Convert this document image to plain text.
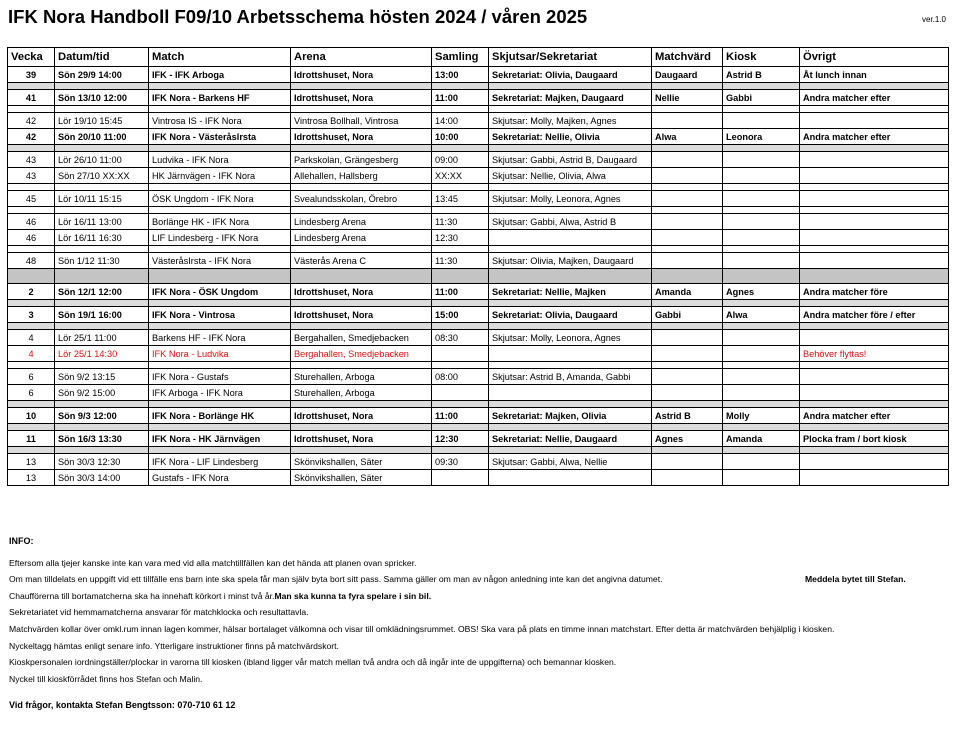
IFK Nora Handboll F09/10 Arbetsschema hösten 2024 / våren 2025	ver.1.0
Vecka	Datum/tid	Match	Arena	Samling	Skjutsar/Sekretariat	Matchvärd	Kiosk	Övrigt
39	Sön 29/9 14:00	IFK - IFK Arboga	Idrottshuset, Nora	13:00	Sekretariat: Olivia, Daugaard	Daugaard	Astrid B	Åt lunch innan

41	Sön 13/10 12:00	IFK Nora - Barkens HF	Idrottshuset, Nora	11:00	Sekretariat: Majken, Daugaard	Nellie	Gabbi	Andra matcher efter

42	Lör 19/10 15:45	Vintrosa IS - IFK Nora	Vintrosa Bollhall, Vintrosa	14:00	Skjutsar: Molly, Majken, Agnes			
42	Sön 20/10 11:00	IFK Nora - Västeråslrsta	Idrottshuset, Nora	10:00	Sekretariat: Nellie, Olivia	Alwa	Leonora	Andra matcher efter

43	Lör 26/10 11:00	Ludvika - IFK Nora	Parkskolan, Grängesberg	09:00	Skjutsar: Gabbi, Astrid B, Daugaard			
43	Sön 27/10 XX:XX	HK Järnvägen - IFK Nora	Allehallen, Hallsberg	XX:XX	Skjutsar: Nellie, Olivia, Alwa			

45	Lör 10/11 15:15	ÖSK Ungdom - IFK Nora	Svealundsskolan, Örebro	13:45	Skjutsar: Molly, Leonora, Agnes			

46	Lör 16/11 13:00	Borlänge HK - IFK Nora	Lindesberg Arena	11:30	Skjutsar: Gabbi, Alwa, Astrid B			
46	Lör 16/11 16:30	LIF Lindesberg - IFK Nora	Lindesberg Arena	12:30				

48	Sön 1/12 11:30	VästeråsIrsta - IFK Nora	Västerås Arena C	11:30	Skjutsar: Olivia, Majken, Daugaard			

2	Sön 12/1 12:00	IFK Nora - ÖSK Ungdom	Idrottshuset, Nora	11:00	Sekretariat: Nellie, Majken	Amanda	Agnes	Andra matcher före

3	Sön 19/1 16:00	IFK Nora - Vintrosa	Idrottshuset, Nora	15:00	Sekretariat: Olivia, Daugaard	Gabbi	Alwa	Andra matcher före / efter

4	Lör 25/1 11:00	Barkens HF - IFK Nora	Bergahallen, Smedjebacken	08:30	Skjutsar: Molly, Leonora, Agnes			
4	Lör 25/1 14:30	IFK Nora - Ludvika	Bergahallen, Smedjebacken					Behöver flyttas!

6	Sön 9/2 13:15	IFK Nora - Gustafs	Sturehallen, Arboga	08:00	Skjutsar: Astrid B, Amanda, Gabbi			
6	Sön 9/2 15:00	IFK Arboga - IFK Nora	Sturehallen, Arboga					

10	Sön 9/3 12:00	IFK Nora - Borlänge HK	Idrottshuset, Nora	11:00	Sekretariat: Majken, Olivia	Astrid B	Molly	Andra matcher efter

11	Sön 16/3 13:30	IFK Nora - HK Järnvägen	Idrottshuset, Nora	12:30	Sekretariat: Nellie, Daugaard	Agnes	Amanda	Plocka fram / bort kiosk

13	Sön 30/3 12:30	IFK Nora - LIF Lindesberg	Skönvikshallen, Säter	09:30	Skjutsar: Gabbi, Alwa, Nellie			
13	Sön 30/3 14:00	Gustafs - IFK Nora	Skönvikshallen, Säter					
INFO:
Eftersom alla tjejer kanske inte kan vara med vid alla matchtillfällen kan det hända att planen ovan spricker.
Om man tilldelats en uppgift vid ett tillfälle ens barn inte ska spela får man själv byta bort sitt pass. Samma gäller om man av någon anledning inte kan det angivna datumet.	Meddela bytet till Stefan.
Chaufförerna till bortamatcherna ska ha innehaft körkort i minst två år.Man ska kunna ta fyra spelare i sin bil.
Sekretariatet vid hemmamatcherna ansvarar för matchklocka och resultattavla.
Matchvärden kollar över omkl.rum innan lagen kommer, hälsar bortalaget välkomna och visar till omklädningsrummet. OBS! Ska vara på plats en timme innan matchstart. Efter detta är matchvärden behjälplig i kiosken.
Nyckeltagg hämtas enligt senare info. Ytterligare instruktioner finns på matchvärdskort.
Kioskpersonalen iordningställer/plockar in varorna till kiosken (ibland ligger vår match mellan två andra och då ingår inte de uppgifterna) och bemannar kiosken.
Nyckel till kioskförrådet finns hos Stefan och Malin.
Vid frågor, kontakta Stefan Bengtsson: 070-710 61 12
